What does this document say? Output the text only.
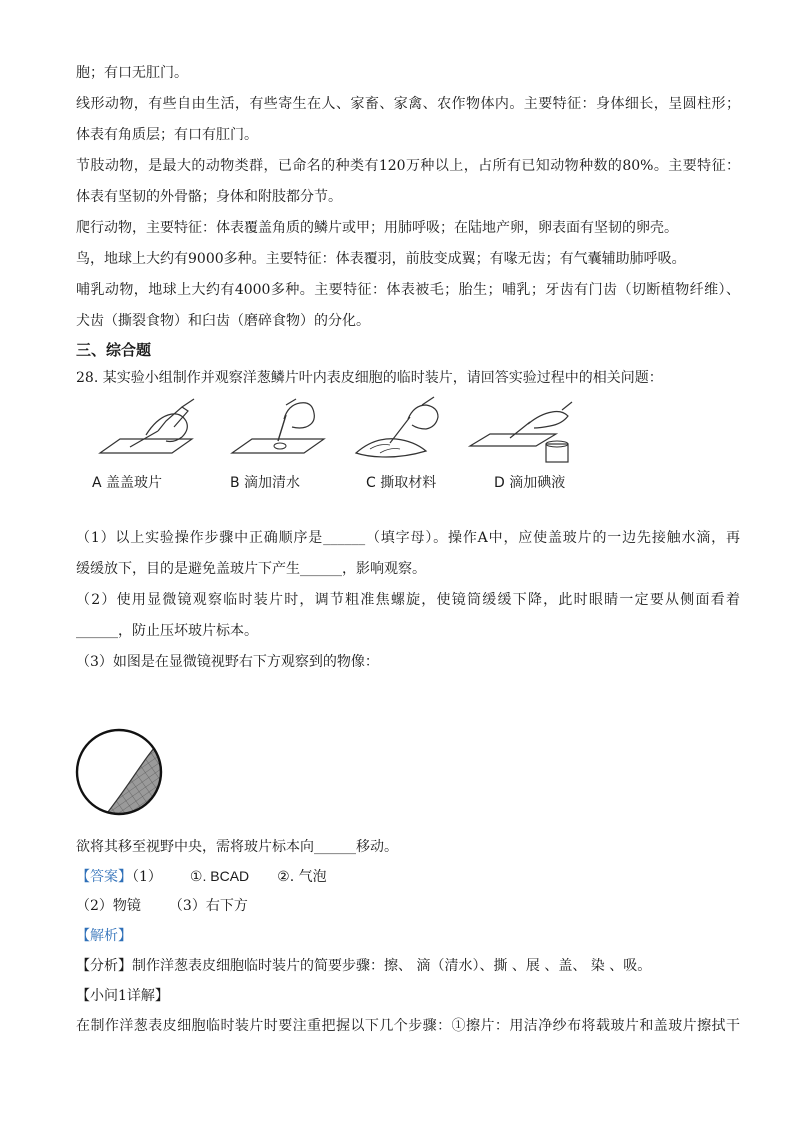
胞；有口无肛门。
线形动物，有些自由生活，有些寄生在人、家畜、家禽、农作物体内。主要特征：身体细长，呈圆柱形；
体表有角质层；有口有肛门。
节肢动物，是最大的动物类群，已命名的种类有120万种以上，占所有已知动物种数的80%。主要特征：
体表有坚韧的外骨骼；身体和附肢都分节。
爬行动物，主要特征：体表覆盖角质的鳞片或甲；用肺呼吸；在陆地产卵，卵表面有坚韧的卵壳。
鸟，地球上大约有9000多种。主要特征：体表覆羽，前肢变成翼；有喙无齿；有气囊辅助肺呼吸。
哺乳动物，地球上大约有4000多种。主要特征：体表被毛；胎生；哺乳；牙齿有门齿（切断植物纤维）、
犬齿（撕裂食物）和臼齿（磨碎食物）的分化。
三、综合题
28. 某实验小组制作并观察洋葱鳞片叶内表皮细胞的临时装片，请回答实验过程中的相关问题：
A 盖盖玻片	B 滴加清水	C 撕取材料	D 滴加碘液
（1）以上实验操作步骤中正确顺序是______（填字母）。操作A中，应使盖玻片的一边先接触水滴，再
缓缓放下，目的是避免盖玻片下产生______，影响观察。
（2）使用显微镜观察临时装片时，调节粗准焦螺旋，使镜筒缓缓下降，此时眼睛一定要从侧面看着
______，防止压坏玻片标本。
（3）如图是在显微镜视野右下方观察到的物像：
欲将其移至视野中央，需将玻片标本向______移动。
【答案】（1） ①. BCAD ②. 气泡
（2）物镜 （3）右下方
【解析】
【分析】制作洋葱表皮细胞临时装片的简要步骤：擦、 滴（清水）、撕 、展 、盖、 染 、吸。
【小问1详解】
在制作洋葱表皮细胞临时装片时要注重把握以下几个步骤：①擦片：用洁净纱布将载玻片和盖玻片擦拭干
